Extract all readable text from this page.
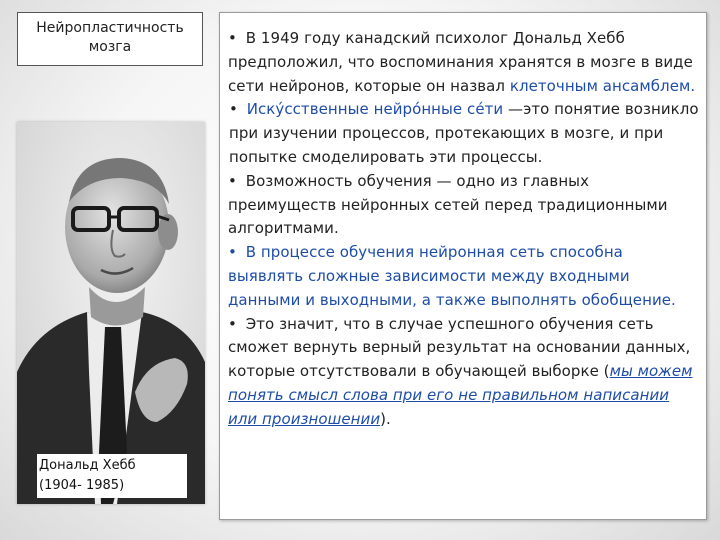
Нейропластичность
мозга
Дональд Хебб
(1904- 1985)
• В 1949 году канадский психолог Дональд Хебб предположил, что воспоминания хранятся в мозге в виде сети нейронов, которые он назвал клеточным ансамблем.
• Иску́сственные нейро́нные се́ти —это понятие возникло при изучении процессов, протекающих в мозге, и при попытке смоделировать эти процессы.
• Возможность обучения — одно из главных преимуществ нейронных сетей перед традиционными алгоритмами.
• В процессе обучения нейронная сеть способна выявлять сложные зависимости между входными данными и выходными, а также выполнять обобщение.
• Это значит, что в случае успешного обучения сеть сможет вернуть верный результат на основании данных, которые отсутствовали в обучающей выборке (мы можем понять смысл слова при его не правильном написании или произношении).
